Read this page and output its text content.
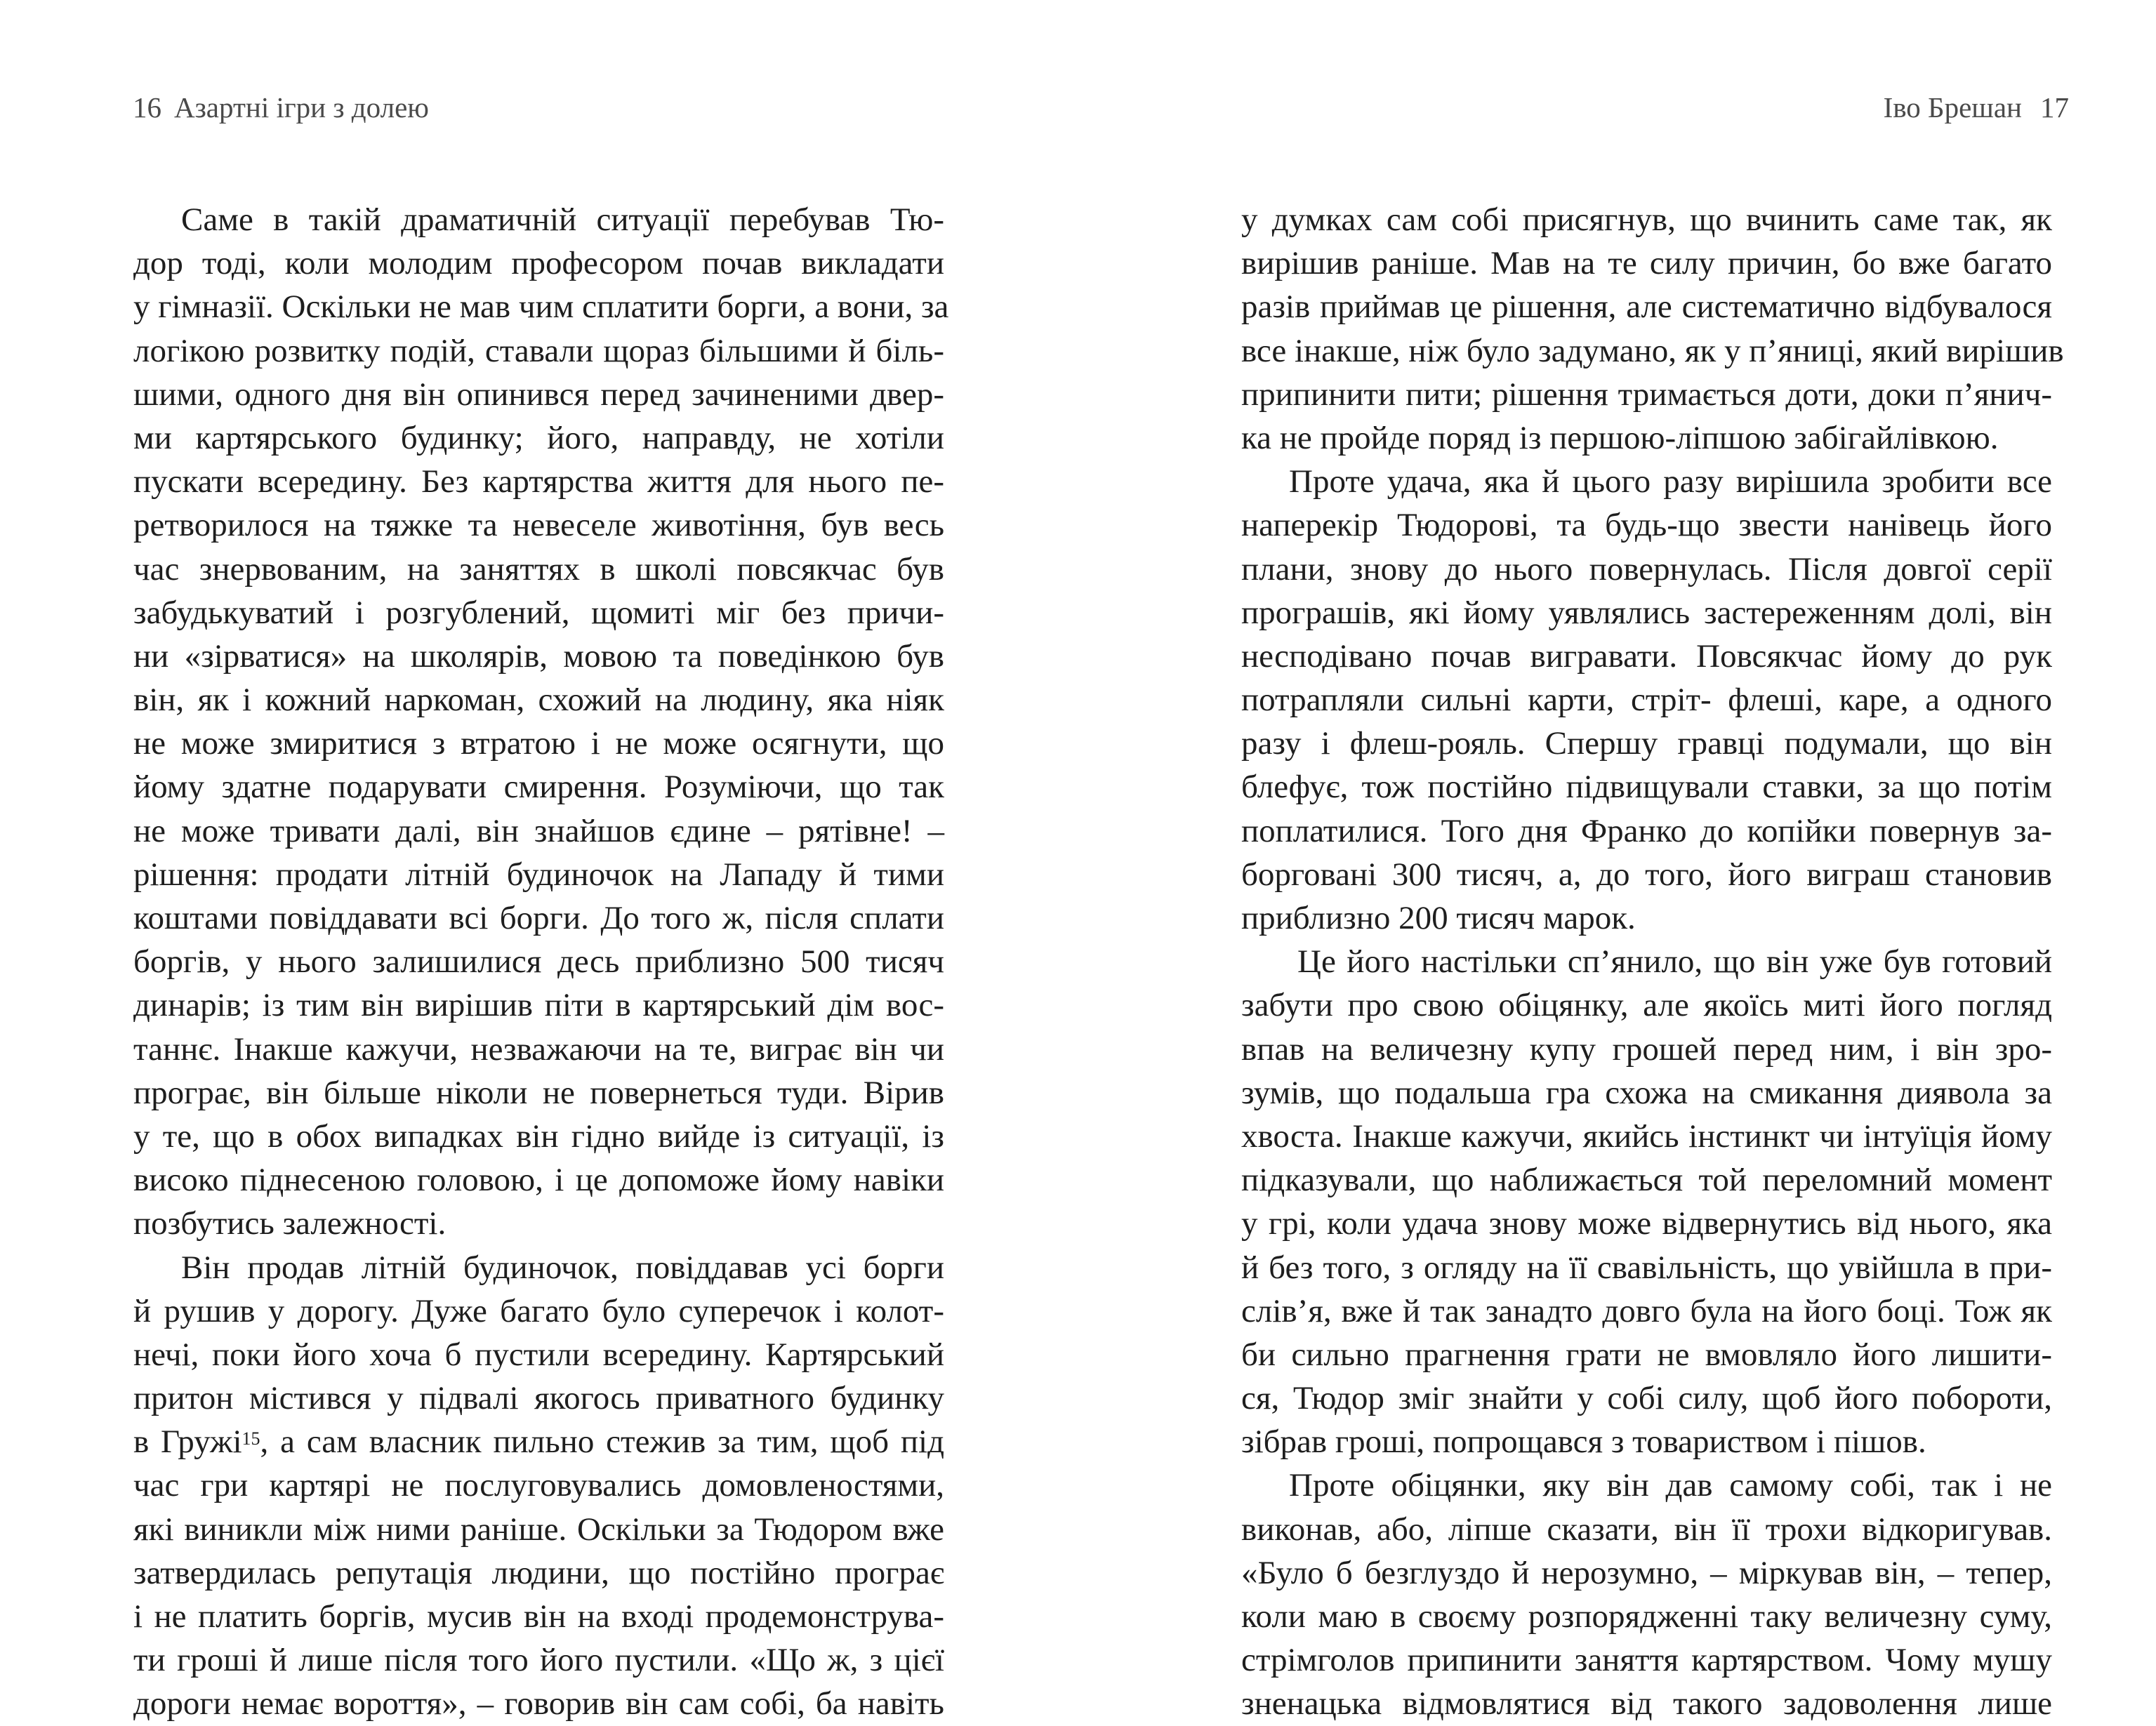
16 Азартні ігри з долею

Саме в такій драматичній ситуації перебував Тю-
дор тоді, коли молодим професором почав викладати
у гімназії. Оскільки не мав чим сплатити борги, а вони, за
логікою розвитку подій, ставали щораз більшими й біль-
шими, одного дня він опинився перед зачиненими двер-
ми картярського будинку; його, направду, не хотіли
пускати всередину. Без картярства життя для нього пе-
ретворилося на тяжке та невеселе животіння, був весь
час знервованим, на заняттях в школі повсякчас був
забудькуватий і розгублений, щомиті міг без причи-
ни «зірватися» на школярів, мовою та поведінкою був
він, як і кожний наркоман, схожий на людину, яка ніяк
не може змиритися з втратою і не може осягнути, що
йому здатне подарувати смирення. Розуміючи, що так
не може тривати далі, він знайшов єдине – рятівне! –
рішення: продати літній будиночок на Лападу й тими
коштами повіддавати всі борги. До того ж, після сплати
боргів, у нього залишилися десь приблизно 500 тисяч
динарів; із тим він вирішив піти в картярський дім вос-
таннє. Інакше кажучи, незважаючи на те, виграє він чи
програє, він більше ніколи не повернеться туди. Вірив
у те, що в обох випадках він гідно вийде із ситуації, із
високо піднесеною головою, і це допоможе йому навіки
позбутись залежності.
Він продав літній будиночок, повіддавав усі борги
й рушив у дорогу. Дуже багато було суперечок і колот-
нечі, поки його хоча б пустили всередину. Картярський
притон містився у підвалі якогось приватного будинку
в Гружі$^{15}$, а сам власник пильно стежив за тим, щоб під
час гри картярі не послуговувались домовленостями,
які виникли між ними раніше. Оскільки за Тюдором вже
затвердилась репутація людини, що постійно програє
і не платить боргів, мусив він на вході продемонструва-
ти гроші й лише після того його пустили. «Що ж, з цієї
дороги немає вороття», – говорив він сам собі, ба навіть

Іво Брешан 17

у думках сам собі присягнув, що вчинить саме так, як
вирішив раніше. Мав на те силу причин, бо вже багато
разів приймав це рішення, але систематично відбувалося
все інакше, ніж було задумано, як у п’яниці, який вирішив
припинити пити; рішення тримається доти, доки п’янич-
ка не пройде поряд із першою-ліпшою забігайлівкою.
Проте удача, яка й цього разу вирішила зробити все
наперекір Тюдорові, та будь-що звести нанівець його
плани, знову до нього повернулась. Після довгої серії
програшів, які йому уявлялись застереженням долі, він
несподівано почав вигравати. Повсякчас йому до рук
потрапляли сильні карти, стріт- флеші, каре, а одного
разу і флеш-рояль. Спершу гравці подумали, що він
блефує, тож постійно підвищували ставки, за що потім
поплатилися. Того дня Франко до копійки повернув за-
борговані 300 тисяч, а, до того, його виграш становив
приблизно 200 тисяч марок.
Це його настільки сп’янило, що він уже був готовий
забути про свою обіцянку, але якоїсь миті його погляд
впав на величезну купу грошей перед ним, і він зро-
зумів, що подальша гра схожа на смикання диявола за
хвоста. Інакше кажучи, якийсь інстинкт чи інтуїція йому
підказували, що наближається той переломний момент
у грі, коли удача знову може відвернутись від нього, яка
й без того, з огляду на її свавільність, що увійшла в при-
слів’я, вже й так занадто довго була на його боці. Тож як
би сильно прагнення грати не вмовляло його лишити-
ся, Тюдор зміг знайти у собі силу, щоб його побороти,
зібрав гроші, попрощався з товариством і пішов.
Проте обіцянки, яку він дав самому собі, так і не
виконав, або, ліпше сказати, він її трохи відкоригував.
«Було б безглуздо й нерозумно, – міркував він, – тепер,
коли маю в своєму розпорядженні таку величезну суму,
стрімголов припинити заняття картярством. Чому мушу
зненацька відмовлятися від такого задоволення лише
